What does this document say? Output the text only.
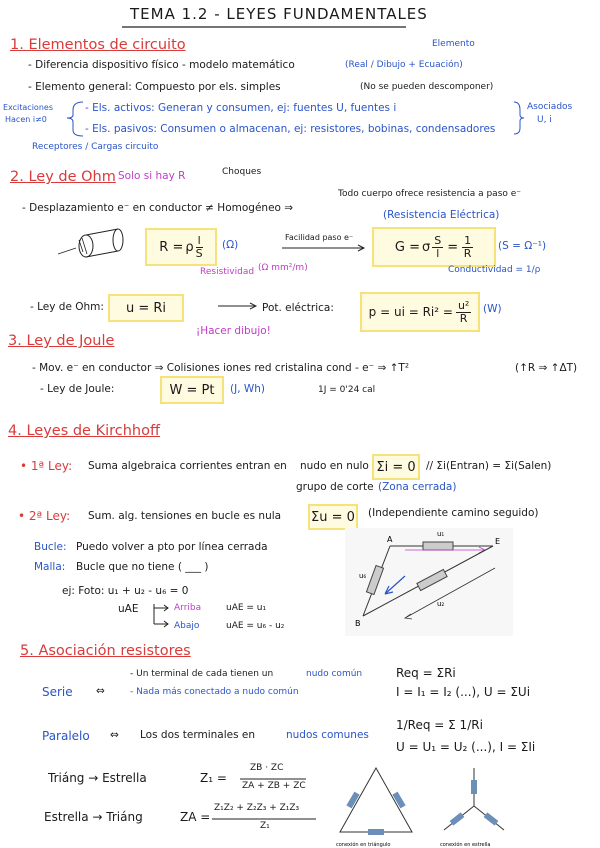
TEMA 1.2 - LEYES FUNDAMENTALES
1. Elementos de circuito	Elemento
- Diferencia dispositivo físico - modelo matemático	(Real / Dibujo + Ecuación)
- Elemento general: Compuesto por els. simples	(No se pueden descomponer)
Excitaciones
Hacen i≠0
- Els. activos: Generan y consumen, ej: fuentes U, fuentes i
- Els. pasivos: Consumen o almacenan, ej: resistores, bobinas, condensadores
Asociados
U, i
Receptores / Cargas circuito
2. Ley de Ohm Solo si hay R	Choques
- Desplazamiento e⁻ en conductor ≠ Homogéneo ⇒
Todo cuerpo ofrece resistencia a paso e⁻
(Resistencia Eléctrica)
R = ρ l
S
(Ω)
Resistividad (Ω mm²/m)
Facilidad paso e⁻
G = σ $\frac{S}{l} = \frac{1}{R} (S = \Omega^{-1})$
Conductividad = 1/ρ
- Ley de Ohm:	u = Ri	Pot. eléctrica:	p = ui = $Ri^2 = \frac{\text{u²}}{R} (W)$
¡Hacer dibujo!
3. Ley de Joule
- Mov. e⁻ en conductor ⇒ Colisiones iones red cristalina cond - e⁻ ⇒ ↑T²	(↑R ⇒ ↑ΔT)
- Ley de Joule:	W = Pt	(J, Wh)	1J = 0'24 cal
4. Leyes de Kirchhoff
• 1ª Ley: Suma algebraica corrientes entran en nudo en nulo
grupo de corte (Zona cerrada)
Σi = 0 // Σi(Entran) = Σi(Salen)
• 2ª Ley: Sum. alg. tensiones en bucle es nula Σu = 0 (Independiente camino seguido)
Bucle: Puedo volver a pto por línea cerrada
Malla: Bucle que no tiene ( ___ )
ej: Foto: u₁ + u₂ - u₆ = 0
uAE	Arriba	uAE = u₁
Abajo	uAE = u₆ - u₂
A	E
B
u₁
u₆
u₂
5. Asociación resistores
Serie ⇔
- Un terminal de cada tienen un	nudo común
- Nada más conectado a nudo común
Req = ΣRi
I = I₁ = I₂ (...), U = ΣUi
Paralelo ⇔ Los dos terminales en	nudos comunes
1/Req = Σ 1/Ri
U = U₁ = U₂ (...), I = ΣIi
Triáng → Estrella	Z₁ =
ZB · ZC
ZA + ZB + ZC
Estrella → Triáng	ZA =
Z₁Z₂ + Z₂Z₃ + Z₁Z₃
Z₁
conexión en triángulo	conexión en estrella
